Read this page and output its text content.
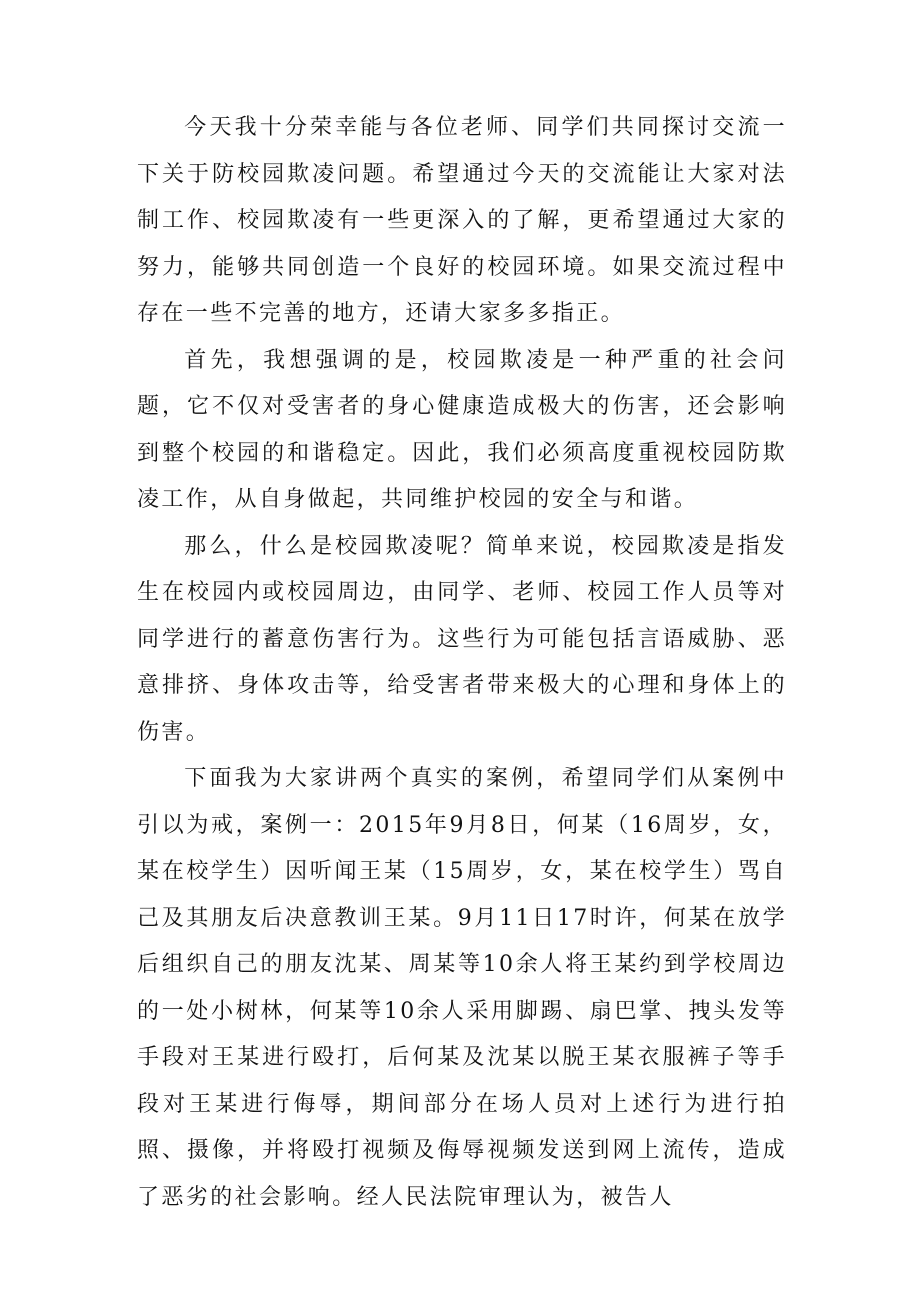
今天我十分荣幸能与各位老师、同学们共同探讨交流一下关于防校园欺凌问题。希望通过今天的交流能让大家对法制工作、校园欺凌有一些更深入的了解，更希望通过大家的努力，能够共同创造一个良好的校园环境。如果交流过程中存在一些不完善的地方，还请大家多多指正。

首先，我想强调的是，校园欺凌是一种严重的社会问题，它不仅对受害者的身心健康造成极大的伤害，还会影响到整个校园的和谐稳定。因此，我们必须高度重视校园防欺凌工作，从自身做起，共同维护校园的安全与和谐。

那么，什么是校园欺凌呢？简单来说，校园欺凌是指发生在校园内或校园周边，由同学、老师、校园工作人员等对同学进行的蓄意伤害行为。这些行为可能包括言语威胁、恶意排挤、身体攻击等，给受害者带来极大的心理和身体上的伤害。

下面我为大家讲两个真实的案例，希望同学们从案例中引以为戒，案例一：2015年9月8日，何某（16周岁，女，某在校学生）因听闻王某（15周岁，女，某在校学生）骂自己及其朋友后决意教训王某。9月11日17时许，何某在放学后组织自己的朋友沈某、周某等10余人将王某约到学校周边的一处小树林，何某等10余人采用脚踢、扇巴掌、拽头发等手段对王某进行殴打，后何某及沈某以脱王某衣服裤子等手段对王某进行侮辱，期间部分在场人员对上述行为进行拍照、摄像，并将殴打视频及侮辱视频发送到网上流传，造成了恶劣的社会影响。经人民法院审理认为，被告人
